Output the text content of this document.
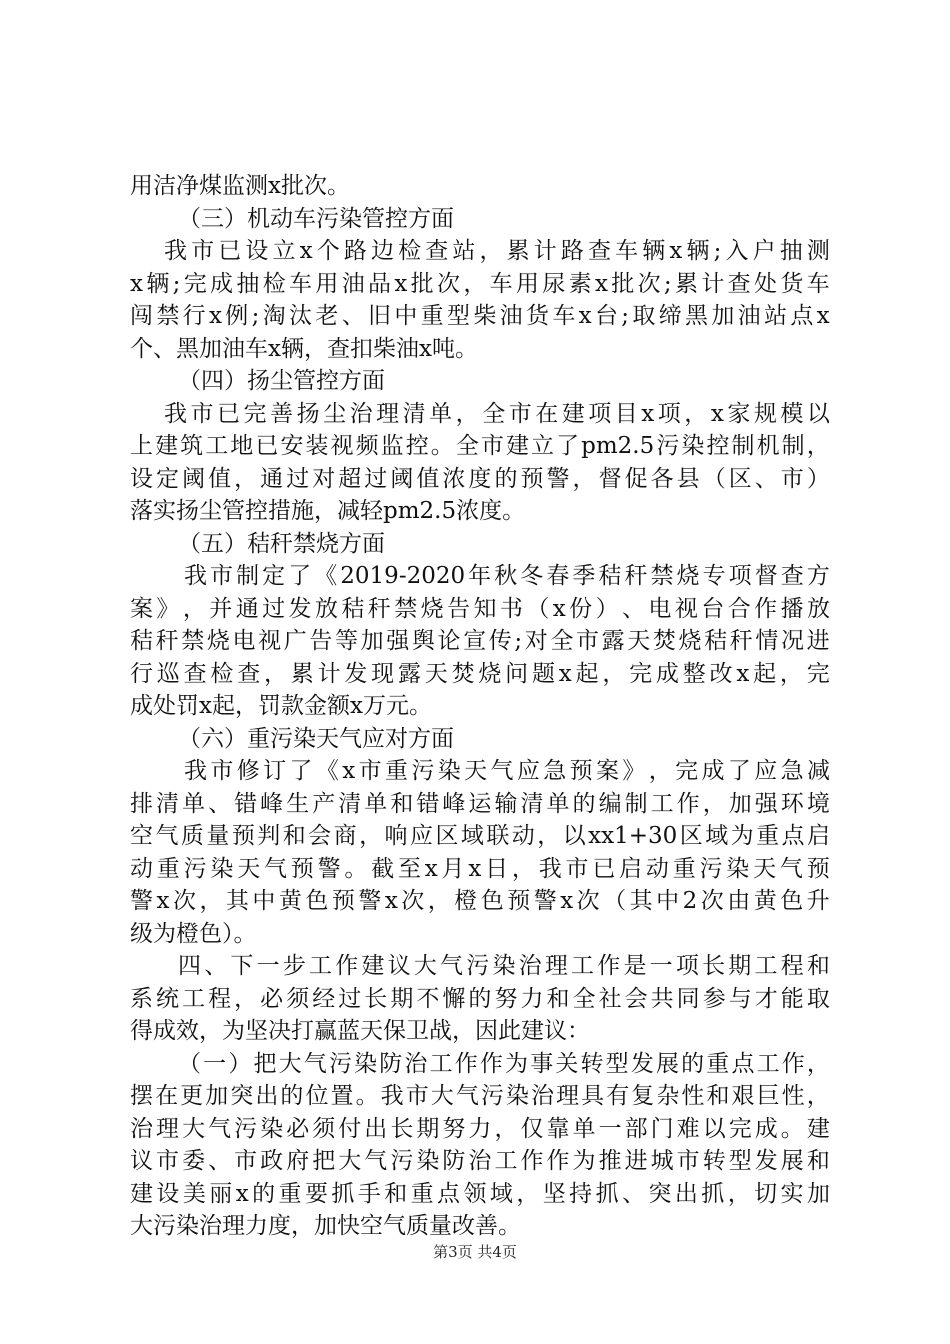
用洁净煤监测x批次。
（三）机动车污染管控方面
我 市 已 设 立 x 个 路 边 检 查 站 ， 累 计 路 查 车 辆 x 辆 ; 入 户 抽 测
x 辆 ; 完 成 抽 检 车 用 油 品 x 批 次 ， 车 用 尿 素 x 批 次 ; 累 计 查 处 货 车
闯 禁 行 x 例 ; 淘 汰 老 、 旧 中 重 型 柴 油 货 车 x 台 ; 取 缔 黑 加 油 站 点 x
个、黑加油车x辆，查扣柴油x吨。
（四）扬尘管控方面
我 市 已 完 善 扬 尘 治 理 清 单 ， 全 市 在 建 项 目 x 项 ， x 家 规 模 以
上 建 筑 工 地 已 安 装 视 频 监 控 。 全 市 建 立 了 pm2.5 污 染 控 制 机 制 ，
设 定 阈 值 ， 通 过 对 超 过 阈 值 浓 度 的 预 警 ， 督 促 各 县 （ 区 、 市 ）
落实扬尘管控措施，减轻pm2.5浓度。
（五）秸秆禁烧方面
我 市 制 定 了 《 2019-2020 年 秋 冬 春 季 秸 秆 禁 烧 专 项 督 查 方
案 》 ， 并 通 过 发 放 秸 秆 禁 烧 告 知 书 （ x 份 ） 、 电 视 台 合 作 播 放
秸 秆 禁 烧 电 视 广 告 等 加 强 舆 论 宣 传 ; 对 全 市 露 天 焚 烧 秸 秆 情 况 进
行 巡 查 检 查 ， 累 计 发 现 露 天 焚 烧 问 题 x 起 ， 完 成 整 改 x 起 ， 完
成处罚x起，罚款金额x万元。
（六）重污染天气应对方面
我 市 修 订 了 《 x 市 重 污 染 天 气 应 急 预 案 》 ， 完 成 了 应 急 减
排 清 单 、 错 峰 生 产 清 单 和 错 峰 运 输 清 单 的 编 制 工 作 ， 加 强 环 境
空 气 质 量 预 判 和 会 商 ， 响 应 区 域 联 动 ， 以 xx1+30 区 域 为 重 点 启
动 重 污 染 天 气 预 警 。 截 至 x 月 x 日 ， 我 市 已 启 动 重 污 染 天 气 预
警 x 次 ， 其 中 黄 色 预 警 x 次 ， 橙 色 预 警 x 次 （ 其 中 2 次 由 黄 色 升
级为橙色）。
四 、 下 一 步 工 作 建 议 大 气 污 染 治 理 工 作 是 一 项 长 期 工 程 和
系 统 工 程 ， 必 须 经 过 长 期 不 懈 的 努 力 和 全 社 会 共 同 参 与 才 能 取
得成效，为坚决打赢蓝天保卫战，因此建议：
（ 一 ） 把 大 气 污 染 防 治 工 作 作 为 事 关 转 型 发 展 的 重 点 工 作 ，
摆 在 更 加 突 出 的 位 置 。 我 市 大 气 污 染 治 理 具 有 复 杂 性 和 艰 巨 性 ，
治 理 大 气 污 染 必 须 付 出 长 期 努 力 ， 仅 靠 单 一 部 门 难 以 完 成 。 建
议 市 委 、 市 政 府 把 大 气 污 染 防 治 工 作 作 为 推 进 城 市 转 型 发 展 和
建 设 美 丽 x 的 重 要 抓 手 和 重 点 领 域 ， 坚 持 抓 、 突 出 抓 ， 切 实 加
大污染治理力度，加快空气质量改善。
第3页 共4页
